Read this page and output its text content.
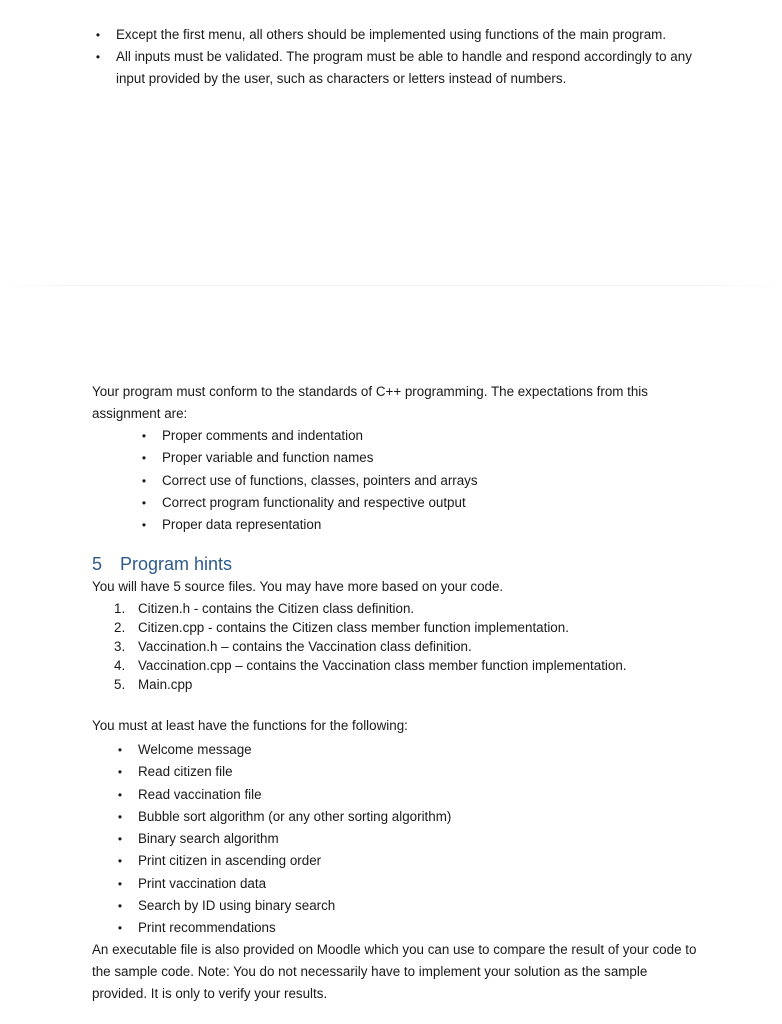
• Except the first menu, all others should be implemented using functions of the main program.
• All inputs must be validated. The program must be able to handle and respond accordingly to any input provided by the user, such as characters or letters instead of numbers.

Your program must conform to the standards of C++ programming. The expectations from this assignment are:

• Proper comments and indentation
• Proper variable and function names
• Correct use of functions, classes, pointers and arrays
• Correct program functionality and respective output
• Proper data representation
5 Program hints

You will have 5 source files. You may have more based on your code.

1. Citizen.h - contains the Citizen class definition.
2. Citizen.cpp - contains the Citizen class member function implementation.
3. Vaccination.h – contains the Vaccination class definition.
4. Vaccination.cpp – contains the Vaccination class member function implementation.
5. Main.cpp

You must at least have the functions for the following:

• Welcome message
• Read citizen file
• Read vaccination file
• Bubble sort algorithm (or any other sorting algorithm)
• Binary search algorithm
• Print citizen in ascending order
• Print vaccination data
• Search by ID using binary search
• Print recommendations

An executable file is also provided on Moodle which you can use to compare the result of your code to the sample code. Note: You do not necessarily have to implement your solution as the sample provided. It is only to verify your results.
